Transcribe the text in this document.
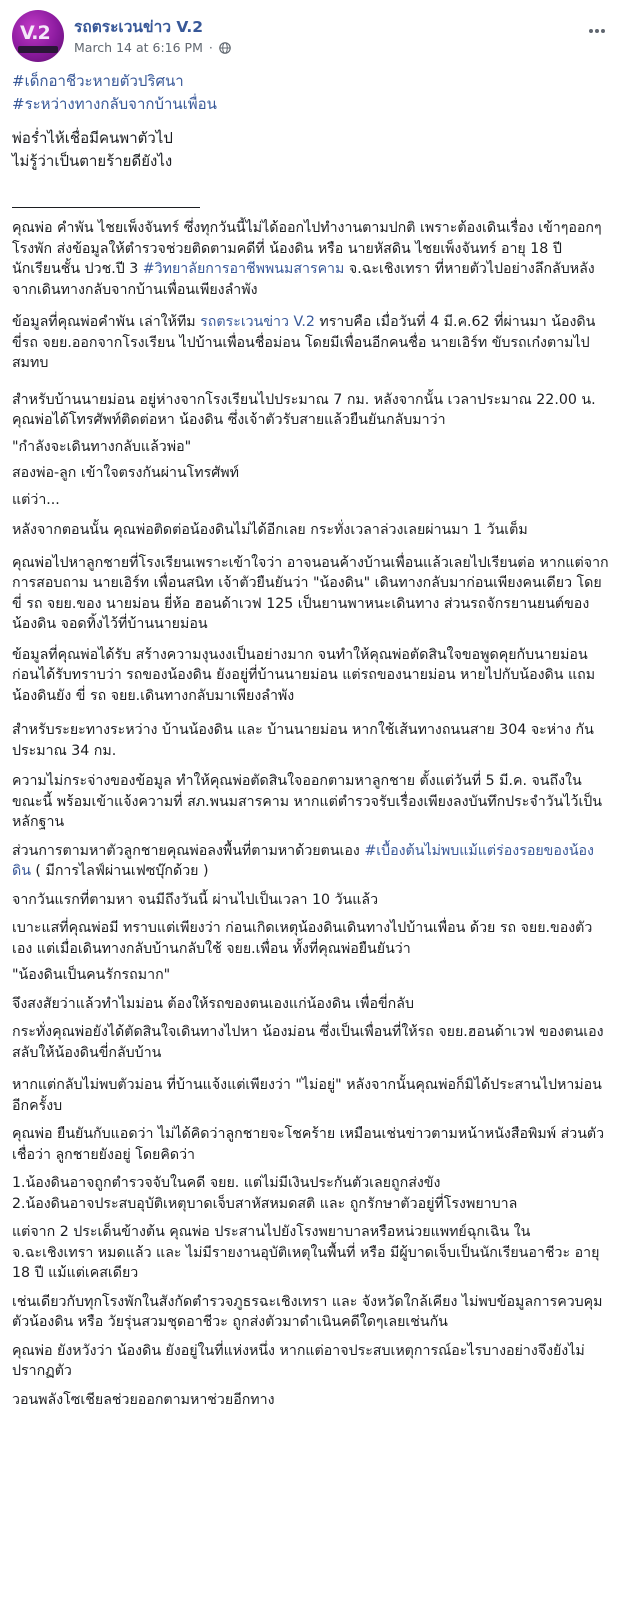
V.2 รถตระเวนข่าว V.2
March 14 at 6:16 PM ·
#เด็กอาชีวะหายตัวปริศนา
#ระหว่างทางกลับจากบ้านเพื่อน
พ่อร่ำไห้เชื่อมีคนพาตัวไป
ไม่รู้ว่าเป็นตายร้ายดียังไง

คุณพ่อ คำพัน ไชยเพ็งจันทร์ ซึ่งทุกวันนี้ไม่ได้ออกไปทำงานตามปกติ เพราะต้องเดินเรื่อง เข้าๆออกๆโรงพัก ส่งข้อมูลให้ตำรวจช่วยติดตามคดีที่ น้องดิน หรือ นายหัสดิน ไชยเพ็งจันทร์ อายุ 18 ปี นักเรียนชั้น ปวช.ปี 3 #วิทยาลัยการอาชีพพนมสารคาม จ.ฉะเชิงเทรา ที่หายตัวไปอย่างลึกลับหลังจากเดินทางกลับจากบ้านเพื่อนเพียงลำพัง

ข้อมูลที่คุณพ่อคำพัน เล่าให้ทีม รถตระเวนข่าว V.2 ทราบคือ เมื่อวันที่ 4 มี.ค.62 ที่ผ่านมา น้องดิน ขี่รถ จยย.ออกจากโรงเรียน ไปบ้านเพื่อนชื่อม่อน โดยมีเพื่อนอีกคนชื่อ นายเอิร์ท ขับรถเก๋งตามไปสมทบ

สำหรับบ้านนายม่อน อยู่ห่างจากโรงเรียนไปประมาณ 7 กม. หลังจากนั้น เวลาประมาณ 22.00 น. คุณพ่อได้โทรศัพท์ติดต่อหา น้องดิน ซึ่งเจ้าตัวรับสายแล้วยืนยันกลับมาว่า

"กำลังจะเดินทางกลับแล้วพ่อ"

สองพ่อ-ลูก เข้าใจตรงกันผ่านโทรศัพท์

แต่ว่า...

หลังจากตอนนั้น คุณพ่อติดต่อน้องดินไม่ได้อีกเลย กระทั่งเวลาล่วงเลยผ่านมา 1 วันเต็ม

คุณพ่อไปหาลูกชายที่โรงเรียนเพราะเข้าใจว่า อาจนอนค้างบ้านเพื่อนแล้วเลยไปเรียนต่อ หากแต่จากการสอบถาม นายเอิร์ท เพื่อนสนิท เจ้าตัวยืนยันว่า "น้องดิน" เดินทางกลับมาก่อนเพียงคนเดียว โดยขี่ รถ จยย.ของ นายม่อน ยี่ห้อ ฮอนด้าเวฟ 125 เป็นยานพาหนะเดินทาง ส่วนรถจักรยานยนต์ของน้องดิน จอดทิ้งไว้ที่บ้านนายม่อน

ข้อมูลที่คุณพ่อได้รับ สร้างความงุนงงเป็นอย่างมาก จนทำให้คุณพ่อตัดสินใจขอพูดคุยกับนายม่อน ก่อนได้รับทราบว่า รถของน้องดิน ยังอยู่ที่บ้านนายม่อน แต่รถของนายม่อน หายไปกับน้องดิน แถมน้องดินยัง ขี่ รถ จยย.เดินทางกลับมาเพียงลำพัง

สำหรับระยะทางระหว่าง บ้านน้องดิน และ บ้านนายม่อน หากใช้เส้นทางถนนสาย 304 จะห่าง กันประมาณ 34 กม.

ความไม่กระจ่างของข้อมูล ทำให้คุณพ่อตัดสินใจออกตามหาลูกชาย ตั้งแต่วันที่ 5 มี.ค. จนถึงในขณะนี้ พร้อมเข้าแจ้งความที่ สภ.พนมสารคาม หากแต่ตำรวจรับเรื่องเพียงลงบันทึกประจำวันไว้เป็นหลักฐาน

ส่วนการตามหาตัวลูกชายคุณพ่อลงพื้นที่ตามหาด้วยตนเอง #เบื้องต้นไม่พบแม้แต่ร่องรอยของน้องดิน ( มีการไลฟ์ผ่านเฟซบุ๊กด้วย )

จากวันแรกที่ตามหา จนมีถึงวันนี้ ผ่านไปเป็นเวลา 10 วันแล้ว

เบาะแสที่คุณพ่อมี ทราบแต่เพียงว่า ก่อนเกิดเหตุน้องดินเดินทางไปบ้านเพื่อน ด้วย รถ จยย.ของตัวเอง แต่เมื่อเดินทางกลับบ้านกลับใช้ จยย.เพื่อน ทั้งที่คุณพ่อยืนยันว่า

"น้องดินเป็นคนรักรถมาก"

จึงสงสัยว่าแล้วทำไมม่อน ต้องให้รถของตนเองแก่น้องดิน เพื่อขี่กลับ

กระทั่งคุณพ่อยังได้ตัดสินใจเดินทางไปหา น้องม่อน ซึ่งเป็นเพื่อนที่ให้รถ จยย.ฮอนด้าเวฟ ของตนเอง สลับให้น้องดินขี่กลับบ้าน

หากแต่กลับไม่พบตัวม่อน ที่บ้านแจ้งแต่เพียงว่า "ไม่อยู่" หลังจากนั้นคุณพ่อก็มิได้ประสานไปหาม่อนอีกครั้งบ

คุณพ่อ ยืนยันกับแอดว่า ไม่ได้คิดว่าลูกชายจะโชคร้าย เหมือนเช่นข่าวตามหน้าหนังสือพิมพ์ ส่วนตัวเชื่อว่า ลูกชายยังอยู่ โดยคิดว่า

1.น้องดินอาจถูกตำรวจจับในคดี จยย. แต่ไม่มีเงินประกันตัวเลยถูกส่งขัง

2.น้องดินอาจประสบอุบัติเหตุบาดเจ็บสาหัสหมดสติ และ ถูกรักษาตัวอยู่ที่โรงพยาบาล

แต่จาก 2 ประเด็นข้างต้น คุณพ่อ ประสานไปยังโรงพยาบาลหรือหน่วยแพทย์ฉุกเฉิน ใน จ.ฉะเชิงเทรา หมดแล้ว และ ไม่มีรายงานอุบัติเหตุในพื้นที่ หรือ มีผู้บาดเจ็บเป็นนักเรียนอาชีวะ อายุ 18 ปี แม้แต่เคสเดียว

เช่นเดียวกับทุกโรงพักในสังกัดตำรวจภูธรฉะเชิงเทรา และ จังหวัดใกล้เคียง ไม่พบข้อมูลการควบคุมตัวน้องดิน หรือ วัยรุ่นสวมชุดอาชีวะ ถูกส่งตัวมาดำเนินคดีใดๆเลยเช่นกัน

คุณพ่อ ยังหวังว่า น้องดิน ยังอยู่ในที่แห่งหนึ่ง หากแต่อาจประสบเหตุการณ์อะไรบางอย่างจึงยังไม่ปรากฏตัว

วอนพลังโซเชียลช่วยออกตามหาช่วยอีกทาง
